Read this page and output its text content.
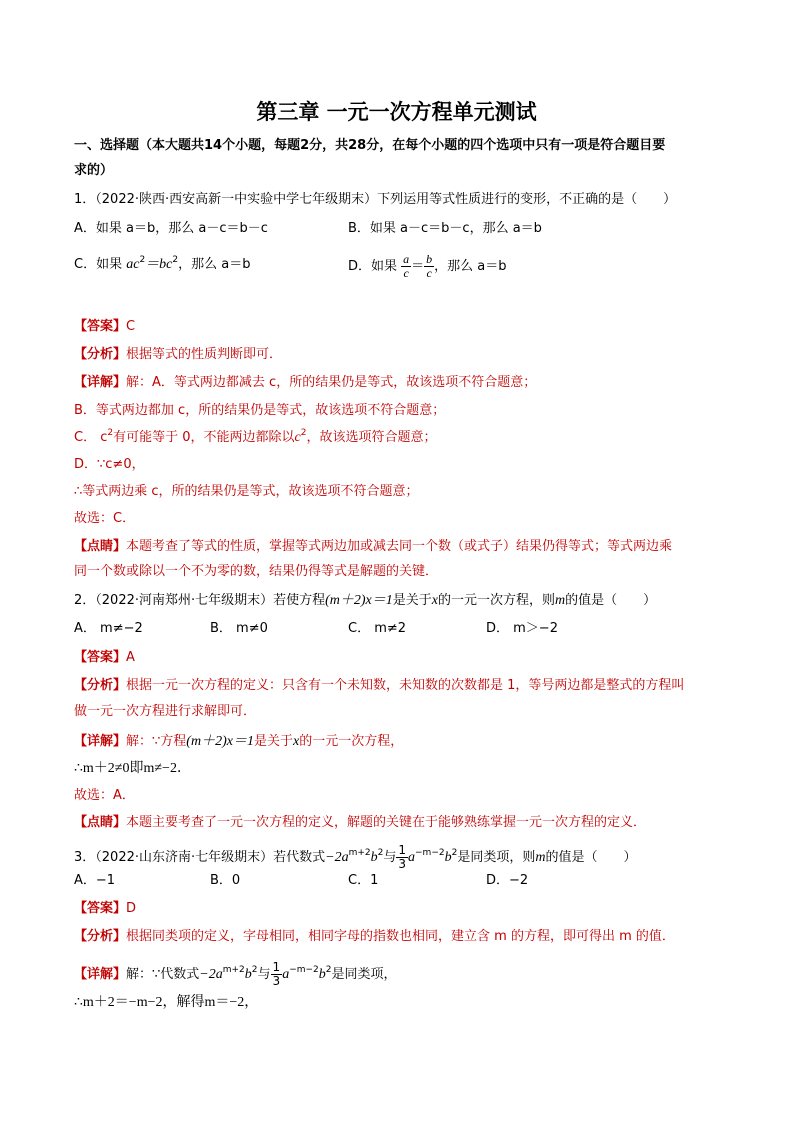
第三章 一元一次方程单元测试
一、选择题（本大题共14个小题，每题2分，共28分，在每个小题的四个选项中只有一项是符合题目要
求的）
1．（2022·陕西·西安高新一中实验中学七年级期末）下列运用等式性质进行的变形，不正确的是（　　）
A．如果 a＝b，那么 a－c＝b－c	B．如果 a－c＝b－c，那么 a＝b
C．如果 $ac^2=bc^2$，那么 a＝b	D．如果 $\frac{a}{c} = \frac{b}{c}$ ，那么 a＝b
【答案】C
【分析】根据等式的性质判断即可．
【详解】解：A．等式两边都减去 c，所的结果仍是等式，故该选项不符合题意；
B．等式两边都加 c，所的结果仍是等式，故该选项不符合题意；
C． $c^2$有可能等于 0，不能两边都除以$c^2$，故该选项符合题意；
D．∵c≠0，
∴等式两边乘 c，所的结果仍是等式，故该选项不符合题意；
故选：C．
【点睛】本题考查了等式的性质，掌握等式两边加或减去同一个数（或式子）结果仍得等式；等式两边乘
同一个数或除以一个不为零的数，结果仍得等式是解题的关键．
2．（2022·河南郑州·七年级期末）若使方程(m＋2)x＝1是关于x的一元一次方程，则m的值是（　　）
A． m≠−2	B． m≠0	C． m≠2	D． m＞−2
【答案】A
【分析】根据一元一次方程的定义：只含有一个未知数，未知数的次数都是 1，等号两边都是整式的方程叫
做一元一次方程进行求解即可．
【详解】解：∵方程(m＋2)x＝1是关于x的一元一次方程，
∴m＋2≠0即m≠−2．
故选：A．
【点睛】本题主要考查了一元一次方程的定义，解题的关键在于能够熟练掌握一元一次方程的定义．
3．（2022·山东济南·七年级期末）若代数式$-2a^{m+2}b^2$与 $\frac{1}{3} a^{-m-2}b^2$是同类项，则m的值是（　　）
A．−1	B．0	C．1	D．−2
【答案】D
【分析】根据同类项的定义，字母相同，相同字母的指数也相同，建立含 m 的方程，即可得出 m 的值．
【详解】解：∵代数式$-2a^{m+2}b^2$与 $\frac{1}{3} a^{-m-2}b^2$是同类项，
∴m＋2＝−m−2，解得m＝−2，
